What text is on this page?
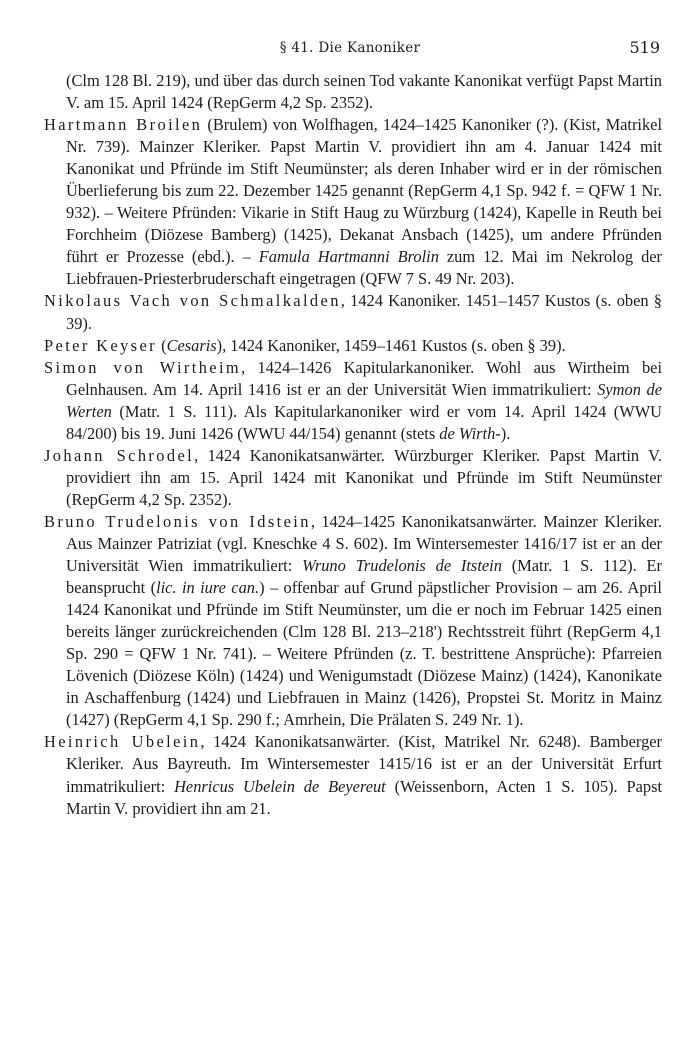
§ 41. Die Kanoniker	519

(Clm 128 Bl. 219), und über das durch seinen Tod vakante Kanonikat verfügt Papst Martin V. am 15. April 1424 (RepGerm 4,2 Sp. 2352).

Hartmann Broilen (Brulem) von Wolfhagen, 1424–1425 Kanoniker (?). (Kist, Matrikel Nr. 739). Mainzer Kleriker. Papst Martin V. providiert ihn am 4. Januar 1424 mit Kanonikat und Pfründe im Stift Neumünster; als deren Inhaber wird er in der römischen Überlieferung bis zum 22. Dezember 1425 genannt (RepGerm 4,1 Sp. 942 f. = QFW 1 Nr. 932). – Weitere Pfründen: Vikarie in Stift Haug zu Würzburg (1424), Kapelle in Reuth bei Forchheim (Diözese Bamberg) (1425), Dekanat Ansbach (1425), um andere Pfründen führt er Prozesse (ebd.). – Famula Hartmanni Brolin zum 12. Mai im Nekrolog der Liebfrauen-Priesterbruderschaft eingetragen (QFW 7 S. 49 Nr. 203).

Nikolaus Vach von Schmalkalden, 1424 Kanoniker. 1451–1457 Kustos (s. oben § 39).

Peter Keyser (Cesaris), 1424 Kanoniker, 1459–1461 Kustos (s. oben § 39).

Simon von Wirtheim, 1424–1426 Kapitularkanoniker. Wohl aus Wirtheim bei Gelnhausen. Am 14. April 1416 ist er an der Universität Wien immatrikuliert: Symon de Werten (Matr. 1 S. 111). Als Kapitularkanoniker wird er vom 14. April 1424 (WWU 84/200) bis 19. Juni 1426 (WWU 44/154) genannt (stets de Wirth-).

Johann Schrodel, 1424 Kanonikatsanwärter. Würzburger Kleriker. Papst Martin V. providiert ihn am 15. April 1424 mit Kanonikat und Pfründe im Stift Neumünster (RepGerm 4,2 Sp. 2352).

Bruno Trudelonis von Idstein, 1424–1425 Kanonikatsanwärter. Mainzer Kleriker. Aus Mainzer Patriziat (vgl. Kneschke 4 S. 602). Im Wintersemester 1416/17 ist er an der Universität Wien immatrikuliert: Wruno Trudelonis de Itstein (Matr. 1 S. 112). Er beansprucht (lic. in iure can.) – offenbar auf Grund päpstlicher Provision – am 26. April 1424 Kanonikat und Pfründe im Stift Neumünster, um die er noch im Februar 1425 einen bereits länger zurückreichenden (Clm 128 Bl. 213–218') Rechtsstreit führt (RepGerm 4,1 Sp. 290 = QFW 1 Nr. 741). – Weitere Pfründen (z. T. bestrittene Ansprüche): Pfarreien Lövenich (Diözese Köln) (1424) und Wenigumstadt (Diözese Mainz) (1424), Kanonikate in Aschaffenburg (1424) und Liebfrauen in Mainz (1426), Propstei St. Moritz in Mainz (1427) (RepGerm 4,1 Sp. 290 f.; Amrhein, Die Prälaten S. 249 Nr. 1).

Heinrich Ubelein, 1424 Kanonikatsanwärter. (Kist, Matrikel Nr. 6248). Bamberger Kleriker. Aus Bayreuth. Im Wintersemester 1415/16 ist er an der Universität Erfurt immatrikuliert: Henricus Ubelein de Beyereut (Weissenborn, Acten 1 S. 105). Papst Martin V. providiert ihn am 21.
